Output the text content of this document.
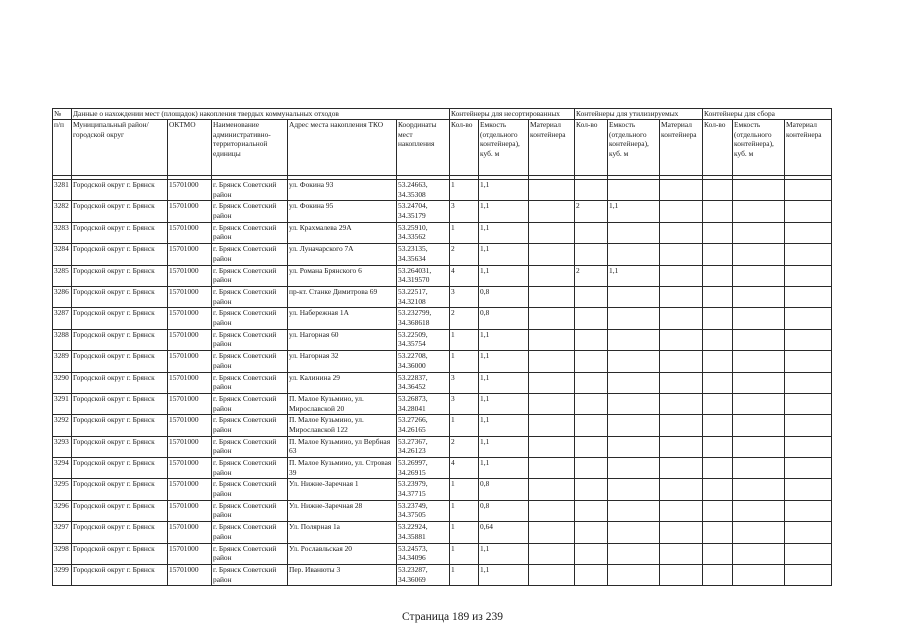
№	Данные о нахождении мест (площадок) накопления твердых коммунальных отходов					Контейнеры для несортированных			Контейнеры для утилизируемых			Контейнеры для сбора		
п/п	Муниципальный район/городской округ	ОКТМО	Наименование административно-территориальной единицы	Адрес места накопления ТКО	Координаты мест накопления	Кол-во	Емкость (отдельного контейнера), куб. м	Материал контейнера	Кол-во	Емкость (отдельного контейнера), куб. м	Материал контейнера	Кол-во	Емкость (отдельного контейнера), куб. м	Материал контейнера

3281	Городской округ г. Брянск	15701000	г. Брянск Советский район	ул. Фокина 93	53.24663, 34.35308	1	1,1							
3282	Городской округ г. Брянск	15701000	г. Брянск Советский район	ул. Фокина 95	53.24704, 34.35179	3	1,1		2	1,1				
3283	Городской округ г. Брянск	15701000	г. Брянск Советский район	ул. Крахмалева 29А	53.25910, 34.33562	1	1,1							
3284	Городской округ г. Брянск	15701000	г. Брянск Советский район	ул. Луначарского 7А	53.23135, 34.35634	2	1,1							
3285	Городской округ г. Брянск	15701000	г. Брянск Советский район	ул. Романа Брянского 6	53.264031, 34.319570	4	1,1		2	1,1				
3286	Городской округ г. Брянск	15701000	г. Брянск Советский район	пр-кт. Станке Димитрова 69	53.22517, 34.32108	3	0,8							
3287	Городской округ г. Брянск	15701000	г. Брянск Советский район	ул. Набережная 1А	53.232799, 34.368618	2	0,8							
3288	Городской округ г. Брянск	15701000	г. Брянск Советский район	ул. Нагорная 60	53.22509, 34.35754	1	1,1							
3289	Городской округ г. Брянск	15701000	г. Брянск Советский район	ул. Нагорная 32	53.22708, 34.36000	1	1,1							
3290	Городской округ г. Брянск	15701000	г. Брянск Советский район	ул. Калинина 29	53.22837, 34.36452	3	1,1							
3291	Городской округ г. Брянск	15701000	г. Брянск Советский район	П. Малое Кузьмино, ул. Мирославской 20	53.26873, 34.28041	3	1,1							
3292	Городской округ г. Брянск	15701000	г. Брянск Советский район	П. Малое Кузьмино, ул. Мирославской 122	53.27266, 34.26165	1	1,1							
3293	Городской округ г. Брянск	15701000	г. Брянск Советский район	П. Малое Кузьмино, ул Вербная 63	53.27367, 34.26123	2	1,1							
3294	Городской округ г. Брянск	15701000	г. Брянск Советский район	П. Малое Кузьмино, ул. Стровая 39	53.26997, 34.26915	4	1,1							
3295	Городской округ г. Брянск	15701000	г. Брянск Советский район	Ул. Нижне-Заречная 1	53.23979, 34.37715	1	0,8							
3296	Городской округ г. Брянск	15701000	г. Брянск Советский район	Ул. Нижне-Заречная 28	53.23749, 34.37505	1	0,8							
3297	Городской округ г. Брянск	15701000	г. Брянск Советский район	Ул. Полярная 1а	53.22924, 34.35881	1	0,64							
3298	Городской округ г. Брянск	15701000	г. Брянск Советский район	Ул. Рославльская 20	53.24573, 34.34096	1	1,1							
3299	Городской округ г. Брянск	15701000	г. Брянск Советский район	Пер. Иванюты 3	53.23287, 34.36069	1	1,1							
Страница 189 из 239
